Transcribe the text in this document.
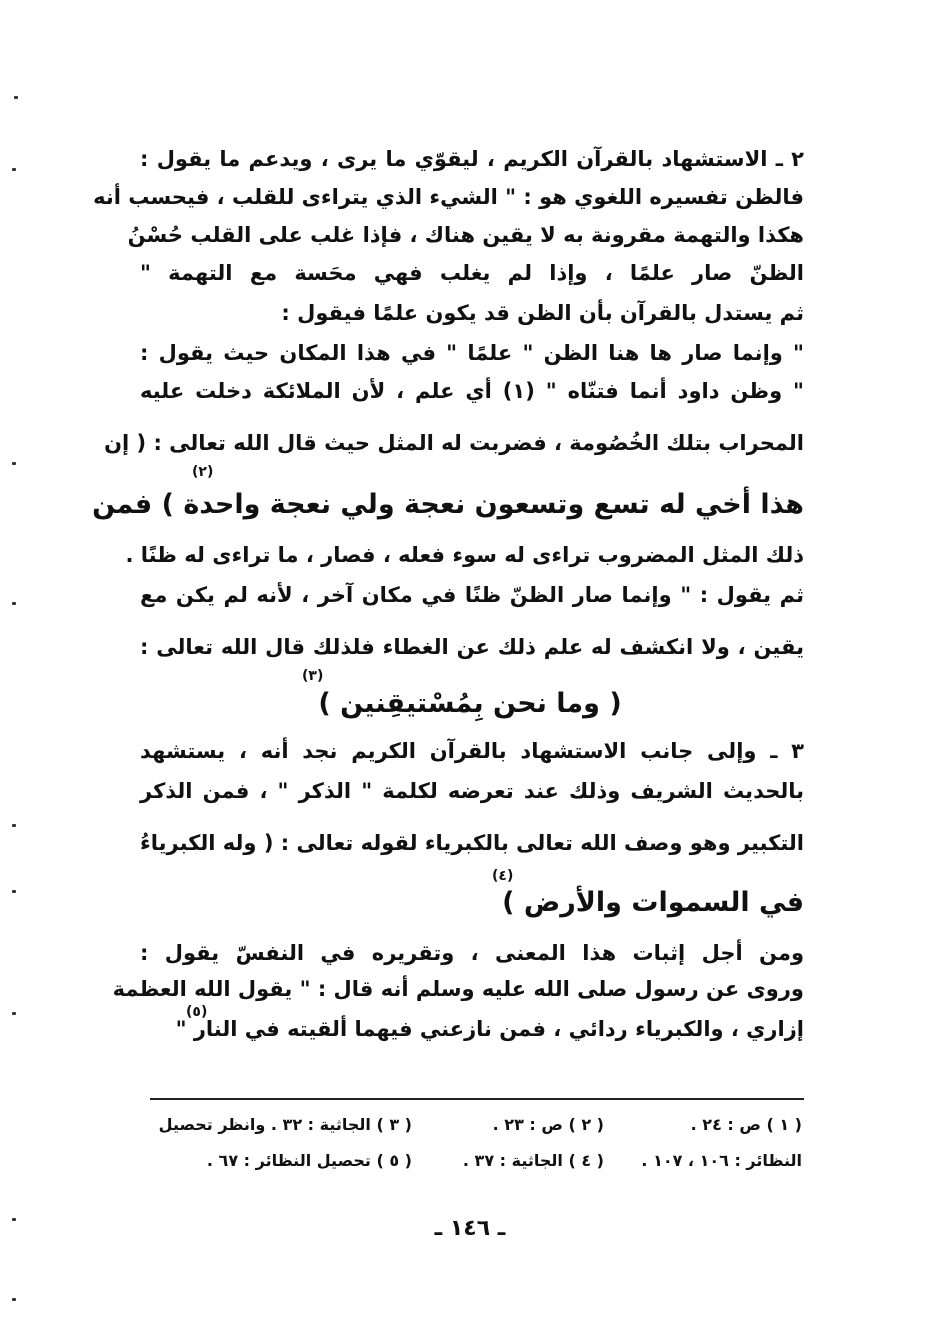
٢ ـ الاستشهاد بالقرآن الكريم ، ليقوّي ما يرى ، ويدعم ما يقول :
فالظن تفسيره اللغوي هو : " الشيء الذي يتراءى للقلب ، فيحسب أنه
هكذا والتهمة مقرونة به لا يقين هناك ، فإذا غلب على القلب حُسْنُ
الظنّ صار علمًا ، وإذا لم يغلب فهي محَسة مع التهمة "
ثم يستدل بالقرآن بأن الظن قد يكون علمًا فيقول :
" وإنما صار ها هنا الظن " علمًا " في هذا المكان حيث يقول :
" وظن داود أنما فتنّاه " (١) أي علم ، لأن الملائكة دخلت عليه
المحراب بتلك الخُصُومة ، فضربت له المثل حيث قال الله تعالى : ( إن
(٢)
هذا أخي له تسع وتسعون نعجة ولي نعجة واحدة ) فمن
ذلك المثل المضروب تراءى له سوء فعله ، فصار ، ما تراءى له ظنًا .
ثم يقول : " وإنما صار الظنّ ظنًا في مكان آخر ، لأنه لم يكن مع
يقين ، ولا انكشف له علم ذلك عن الغطاء فلذلك قال الله تعالى :
(٣)
( وما نحن بِمُسْتيقِنين )
٣ ـ وإلى جانب الاستشهاد بالقرآن الكريم نجد أنه ، يستشهد
بالحديث الشريف وذلك عند تعرضه لكلمة " الذكر " ، فمن الذكر
التكبير وهو وصف الله تعالى بالكبرياء لقوله تعالى : ( وله الكبرياءُ
(٤)
في السموات والأرض )
ومن أجل إثبات هذا المعنى ، وتقريره في النفسّ يقول :
وروى عن رسول صلى الله عليه وسلم أنه قال : " يقول الله العظمة
إزاري ، والكبرياء ردائي ، فمن نازعني فيهما ألقيته في النار "
(٥)
( ١ ) ص : ٢٤ .
( ٢ ) ص : ٢٣ .
( ٣ ) الجاثية : ٣٢ . وانظر تحصيل
النظائر : ١٠٦ ، ١٠٧ .
( ٤ ) الجاثية : ٣٧ .
( ٥ ) تحصيل النظائر : ٦٧ .
ـ ١٤٦ ـ
